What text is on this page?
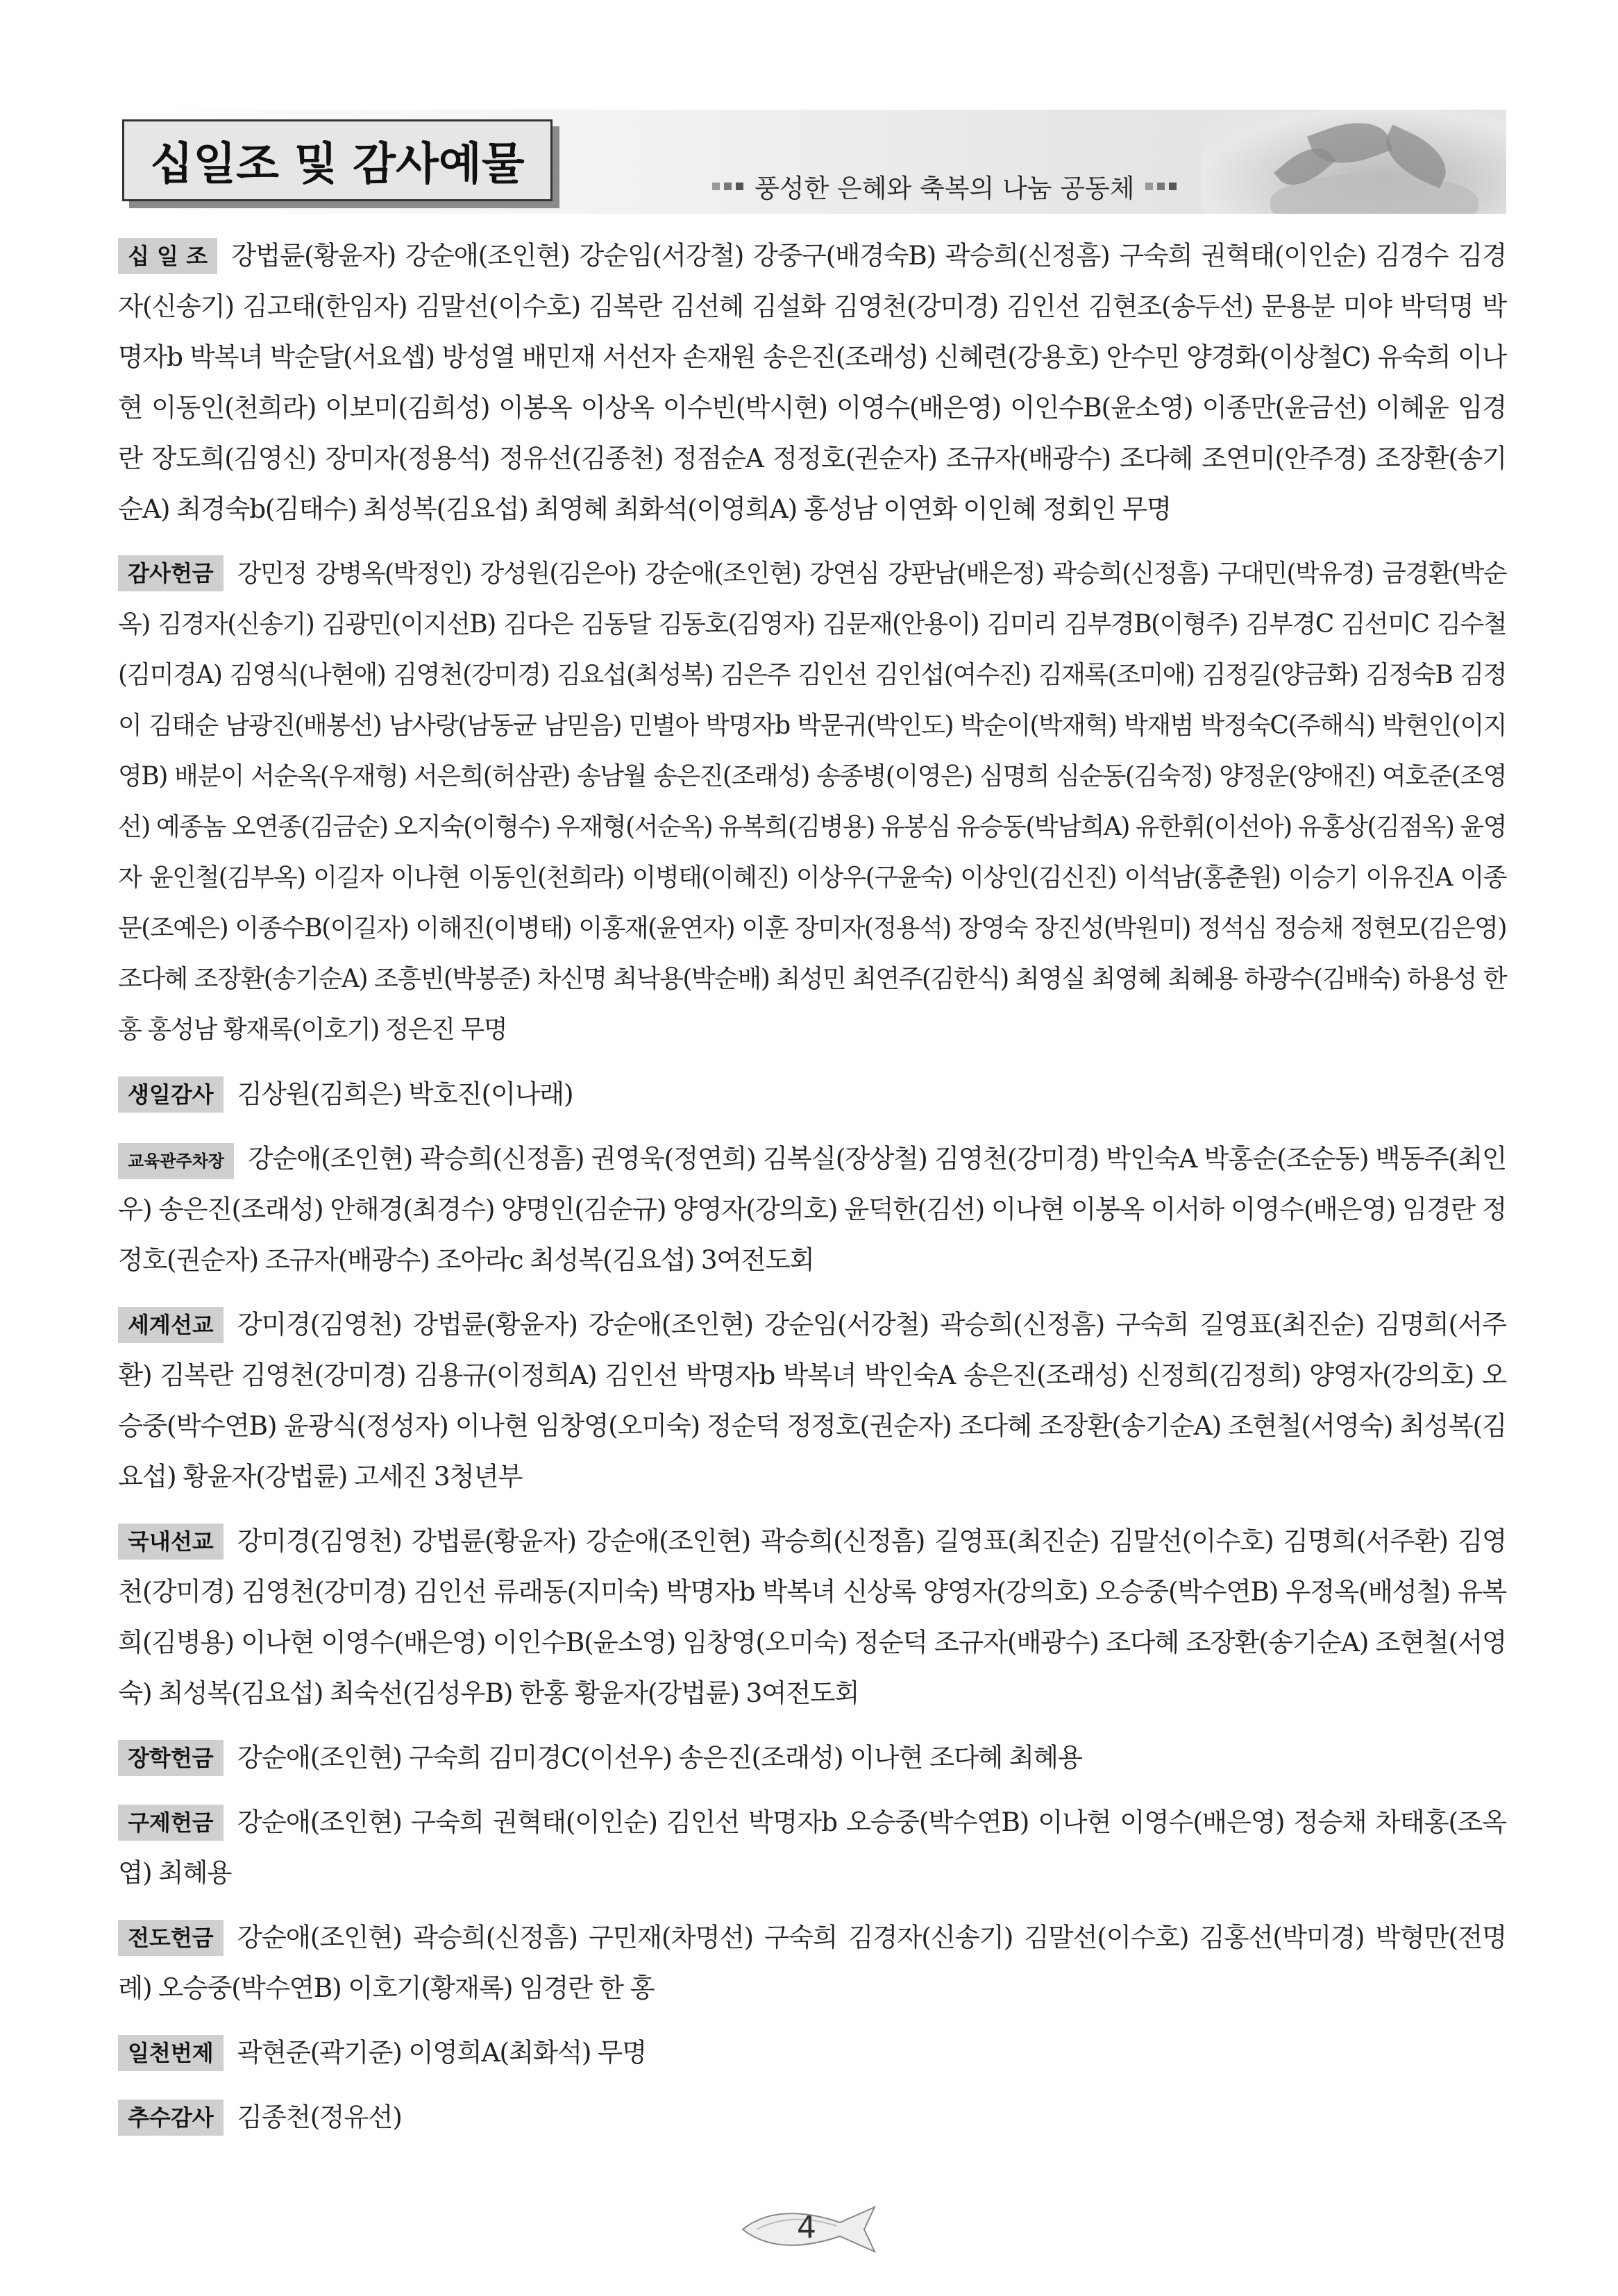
십일조 및 감사예물	풍성한 은혜와 축복의 나눔 공동체

십 일 조 강법륜(황윤자) 강순애(조인현) 강순임(서강철) 강중구(배경숙B) 곽승희(신정흠) 구숙희 권혁태(이인순) 김경수 김경자(신송기) 김고태(한임자) 김말선(이수호) 김복란 김선혜 김설화 김영천(강미경) 김인선 김현조(송두선) 문용분 미야 박덕명 박명자b 박복녀 박순달(서요셉) 방성열 배민재 서선자 손재원 송은진(조래성) 신혜련(강용호) 안수민 양경화(이상철C) 유숙희 이나현 이동인(천희라) 이보미(김희성) 이봉옥 이상옥 이수빈(박시현) 이영수(배은영) 이인수B(윤소영) 이종만(윤금선) 이혜윤 임경란 장도희(김영신) 장미자(정용석) 정유선(김종천) 정점순A 정정호(권순자) 조규자(배광수) 조다혜 조연미(안주경) 조장환(송기순A) 최경숙b(김태수) 최성복(김요섭) 최영혜 최화석(이영희A) 홍성남 이연화 이인혜 정회인 무명

감사헌금 강민정 강병옥(박정인) 강성원(김은아) 강순애(조인현) 강연심 강판남(배은정) 곽승희(신정흠) 구대민(박유경) 금경환(박순옥) 김경자(신송기) 김광민(이지선B) 김다은 김동달 김동호(김영자) 김문재(안용이) 김미리 김부경B(이형주) 김부경C 김선미C 김수철(김미경A) 김영식(나현애) 김영천(강미경) 김요섭(최성복) 김은주 김인선 김인섭(여수진) 김재록(조미애) 김정길(양금화) 김정숙B 김정이 김태순 남광진(배봉선) 남사랑(남동균 남믿음) 민별아 박명자b 박문귀(박인도) 박순이(박재혁) 박재범 박정숙C(주해식) 박현인(이지영B) 배분이 서순옥(우재형) 서은희(허삼관) 송남월 송은진(조래성) 송종병(이영은) 심명희 심순동(김숙정) 양정운(양애진) 여호준(조영선) 예종놈 오연종(김금순) 오지숙(이형수) 우재형(서순옥) 유복희(김병용) 유봉심 유승동(박남희A) 유한휘(이선아) 유홍상(김점옥) 윤영자 윤인철(김부옥) 이길자 이나현 이동인(천희라) 이병태(이혜진) 이상우(구윤숙) 이상인(김신진) 이석남(홍춘원) 이승기 이유진A 이종문(조예은) 이종수B(이길자) 이해진(이병태) 이홍재(윤연자) 이훈 장미자(정용석) 장영숙 장진성(박원미) 정석심 정승채 정현모(김은영) 조다혜 조장환(송기순A) 조흥빈(박봉준) 차신명 최낙용(박순배) 최성민 최연주(김한식) 최영실 최영혜 최혜용 하광수(김배숙) 하용성 한 홍 홍성남 황재록(이호기) 정은진 무명

생일감사 김상원(김희은) 박호진(이나래)

교육관주차장 강순애(조인현) 곽승희(신정흠) 권영욱(정연희) 김복실(장상철) 김영천(강미경) 박인숙A 박홍순(조순동) 백동주(최인우) 송은진(조래성) 안해경(최경수) 양명인(김순규) 양영자(강의호) 윤덕한(김선) 이나현 이봉옥 이서하 이영수(배은영) 임경란 정정호(권순자) 조규자(배광수) 조아라c 최성복(김요섭) 3여전도회

세계선교 강미경(김영천) 강법륜(황윤자) 강순애(조인현) 강순임(서강철) 곽승희(신정흠) 구숙희 길영표(최진순) 김명희(서주환) 김복란 김영천(강미경) 김용규(이정희A) 김인선 박명자b 박복녀 박인숙A 송은진(조래성) 신정희(김정희) 양영자(강의호) 오승중(박수연B) 윤광식(정성자) 이나현 임창영(오미숙) 정순덕 정정호(권순자) 조다혜 조장환(송기순A) 조현철(서영숙) 최성복(김요섭) 황윤자(강법륜) 고세진 3청년부

국내선교 강미경(김영천) 강법륜(황윤자) 강순애(조인현) 곽승희(신정흠) 길영표(최진순) 김말선(이수호) 김명희(서주환) 김영천(강미경) 김영천(강미경) 김인선 류래동(지미숙) 박명자b 박복녀 신상록 양영자(강의호) 오승중(박수연B) 우정옥(배성철) 유복희(김병용) 이나현 이영수(배은영) 이인수B(윤소영) 임창영(오미숙) 정순덕 조규자(배광수) 조다혜 조장환(송기순A) 조현철(서영숙) 최성복(김요섭) 최숙선(김성우B) 한홍 황윤자(강법륜) 3여전도회

장학헌금 강순애(조인현) 구숙희 김미경C(이선우) 송은진(조래성) 이나현 조다혜 최혜용

구제헌금 강순애(조인현) 구숙희 권혁태(이인순) 김인선 박명자b 오승중(박수연B) 이나현 이영수(배은영) 정승채 차태홍(조옥엽) 최혜용

전도헌금 강순애(조인현) 곽승희(신정흠) 구민재(차명선) 구숙희 김경자(신송기) 김말선(이수호) 김홍선(박미경) 박형만(전명례) 오승중(박수연B) 이호기(황재록) 임경란 한 홍

일천번제 곽현준(곽기준) 이영희A(최화석) 무명

추수감사 김종천(정유선)

4
